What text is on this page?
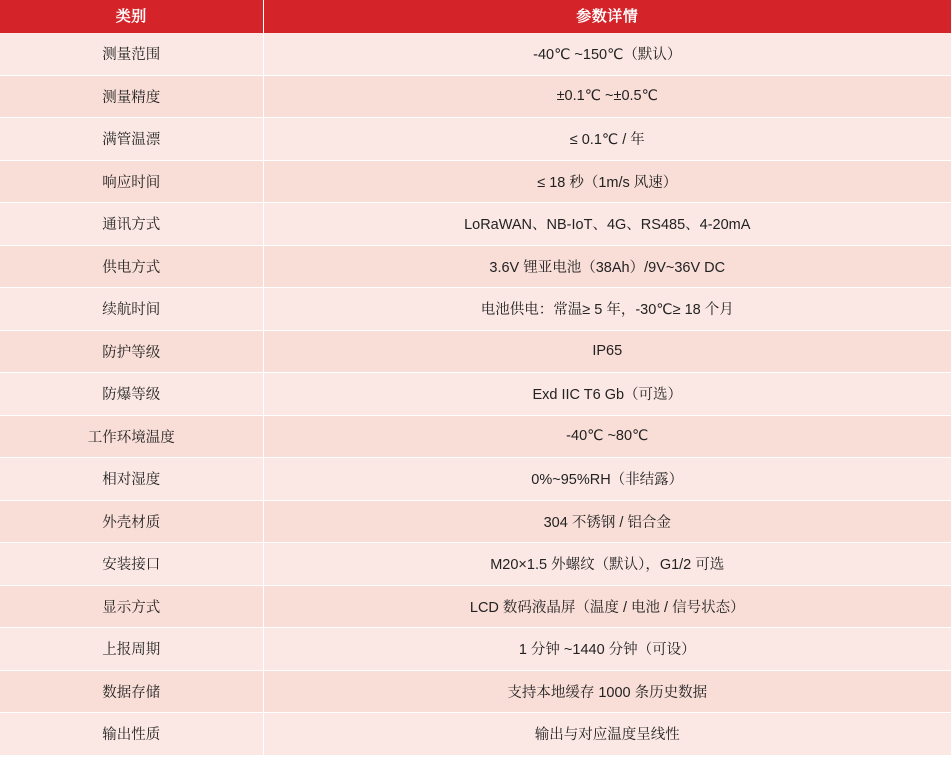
类别	参数详情
测量范围	-40℃ ~150℃（默认）
测量精度	±0.1℃ ~±0.5℃
满管温漂	≤ 0.1℃ / 年
响应时间	≤ 18 秒（1m/s 风速）
通讯方式	LoRaWAN、NB-IoT、4G、RS485、4-20mA
供电方式	3.6V 锂亚电池（38Ah）/9V~36V DC
续航时间	电池供电：常温≥ 5 年，-30℃≥ 18 个月
防护等级	IP65
防爆等级	Exd IIC T6 Gb（可选）
工作环境温度	-40℃ ~80℃
相对湿度	0%~95%RH（非结露）
外壳材质	304 不锈钢 / 铝合金
安装接口	M20×1.5 外螺纹（默认），G1/2 可选
显示方式	LCD 数码液晶屏（温度 / 电池 / 信号状态）
上报周期	1 分钟 ~1440 分钟（可设）
数据存储	支持本地缓存 1000 条历史数据
输出性质	输出与对应温度呈线性
